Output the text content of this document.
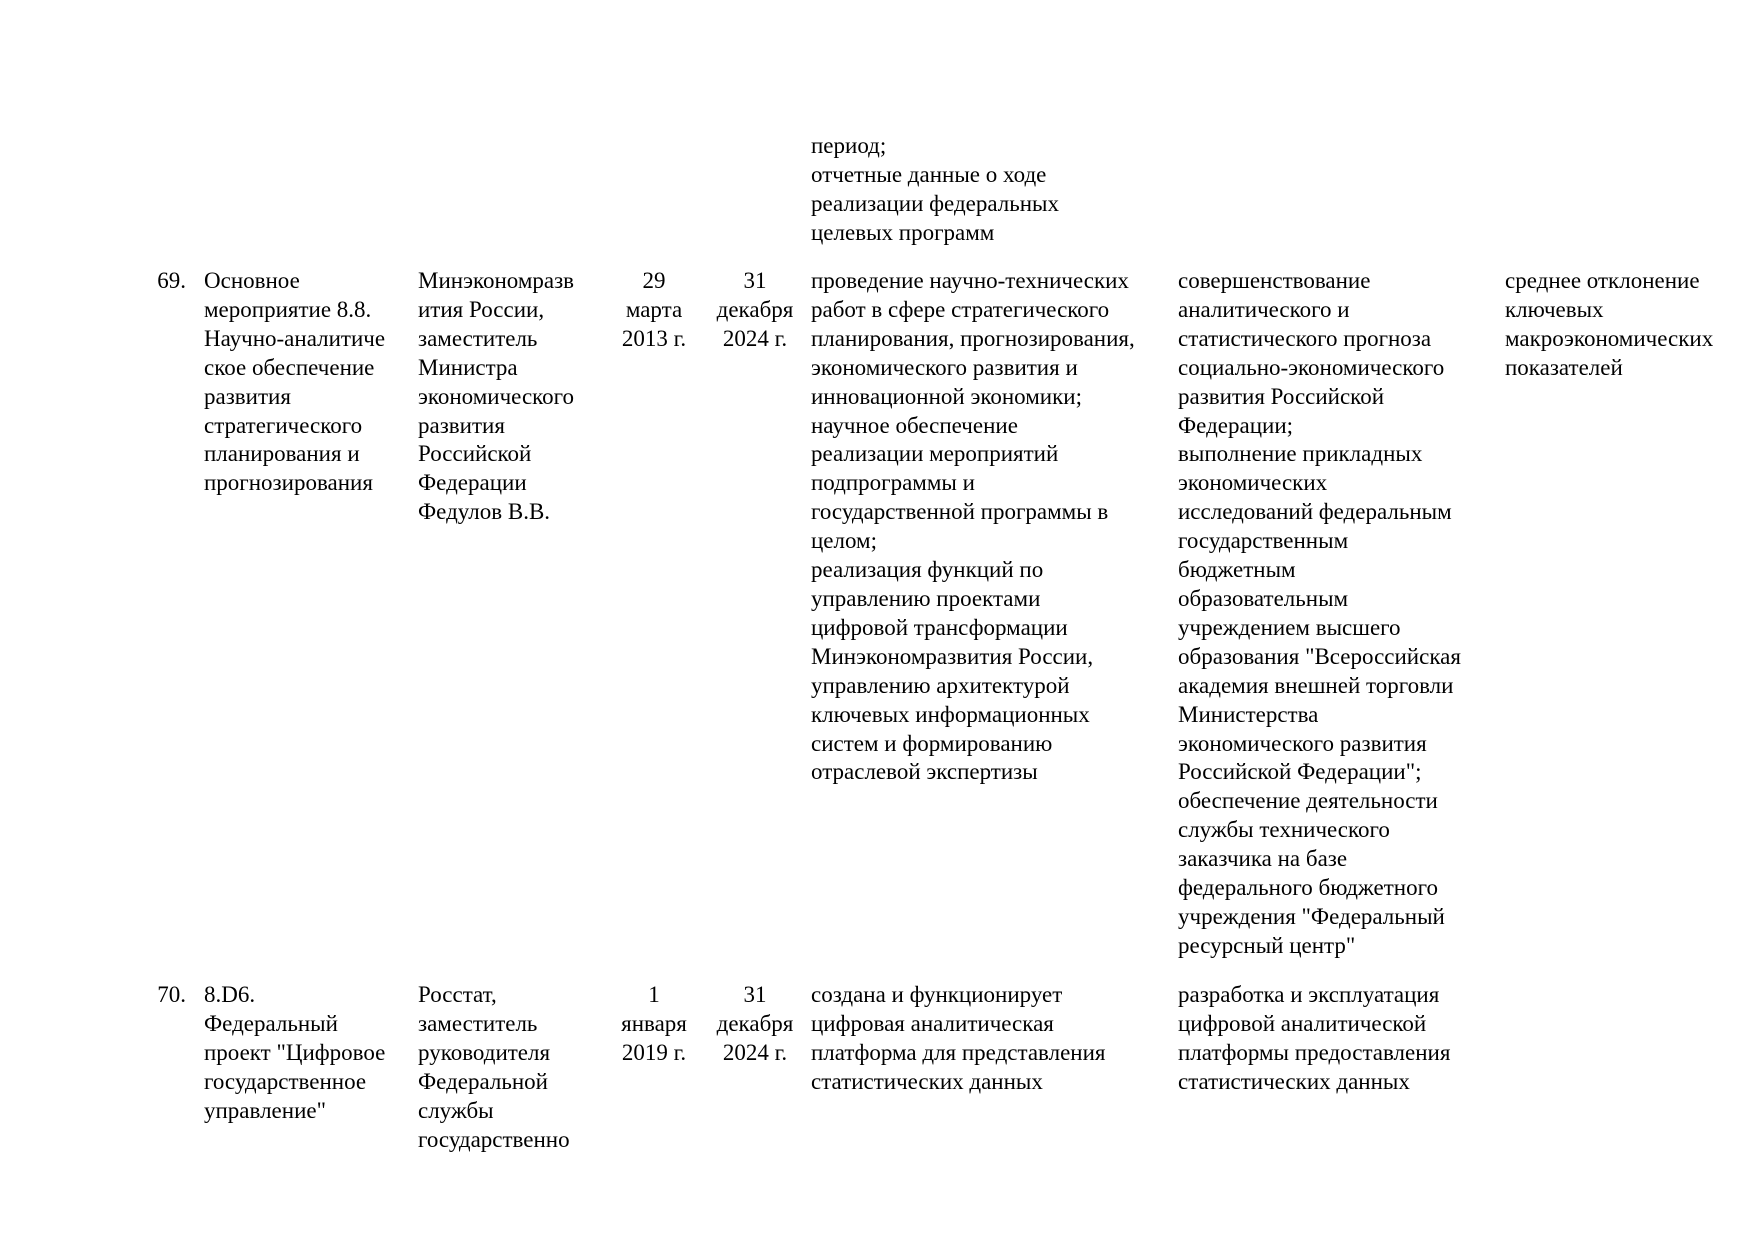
период;
отчетные данные о ходе
реализации федеральных
целевых программ

69. Основное
мероприятие 8.8.
Научно-аналитиче
ское обеспечение
развития
стратегического
планирования и
прогнозирования

Минэкономразв
ития России,
заместитель
Министра
экономического
развития
Российской
Федерации
Федулов В.В.

29
марта
2013 г.

31
декабря
2024 г.

проведение научно-технических
работ в сфере стратегического
планирования, прогнозирования,
экономического развития и
инновационной экономики;
научное обеспечение
реализации мероприятий
подпрограммы и
государственной программы в
целом;
реализация функций по
управлению проектами
цифровой трансформации
Минэкономразвития России,
управлению архитектурой
ключевых информационных
систем и формированию
отраслевой экспертизы

совершенствование
аналитического и
статистического прогноза
социально-экономического
развития Российской
Федерации;
выполнение прикладных
экономических
исследований федеральным
государственным
бюджетным
образовательным
учреждением высшего
образования "Всероссийская
академия внешней торговли
Министерства
экономического развития
Российской Федерации";
обеспечение деятельности
службы технического
заказчика на базе
федерального бюджетного
учреждения "Федеральный
ресурсный центр"

среднее отклонение
ключевых
макроэкономических
показателей

70. 8.D6.
Федеральный
проект "Цифровое
государственное
управление"

Росстат,
заместитель
руководителя
Федеральной
службы
государственно

1
января
2019 г.

31
декабря
2024 г.

создана и функционирует
цифровая аналитическая
платформа для представления
статистических данных

разработка и эксплуатация
цифровой аналитической
платформы предоставления
статистических данных
